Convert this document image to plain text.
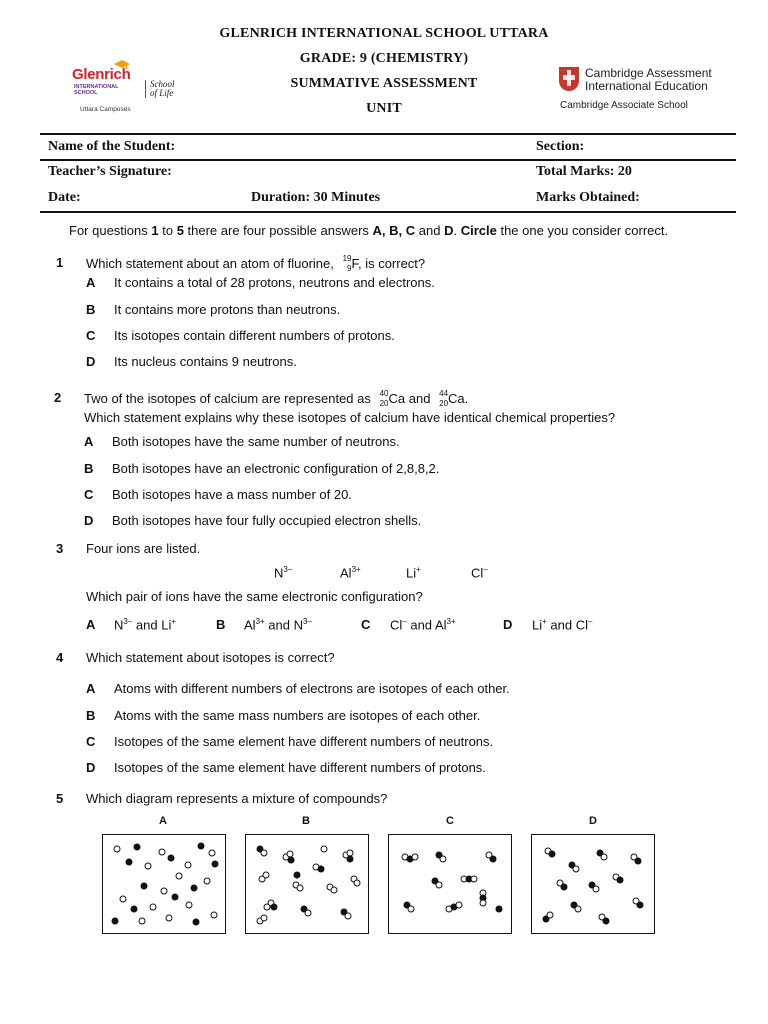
GLENRICH INTERNATIONAL SCHOOL UTTARA
GRADE: 9 (CHEMISTRY)
SUMMATIVE ASSESSMENT
UNIT
Glenrich
INTERNATIONAL
SCHOOL
School
of Life
Uttara Campuses
Cambridge Assessment
International Education
Cambridge Associate School
Name of the Student:	Section:
Teacher’s Signature:	Total Marks: 20
Date:	Duration: 30 Minutes	Marks Obtained:
For questions 1 to 5 there are four possible answers A, B, C and D. Circle the one you consider correct.
1 Which statement about an atom of fluorine, 19
9 F, is correct?
A It contains a total of 28 protons, neutrons and electrons.
B It contains more protons than neutrons.
C Its isotopes contain different numbers of protons.
D Its nucleus contains 9 neutrons.
2 Two of the isotopes of calcium are represented as 40
20 Ca and 44
20 Ca.
Which statement explains why these isotopes of calcium have identical chemical properties?
A Both isotopes have the same number of neutrons.
B Both isotopes have an electronic configuration of 2,8,8,2.
C Both isotopes have a mass number of 20.
D Both isotopes have four fully occupied electron shells.
3 Four ions are listed.
$N^{3-}$	$Al^{3+}$	Li+	Cl–
Which pair of ions have the same electronic configuration?
A $N^{3-}$ and Li+	B $Al^{3+}$ and $N^{3-}$	C Cl– and $Al^{3+}$	D Li+ and Cl–
4 Which statement about isotopes is correct?
A Atoms with different numbers of electrons are isotopes of each other.
B Atoms with the same mass numbers are isotopes of each other.
C Isotopes of the same element have different numbers of neutrons.
D Isotopes of the same element have different numbers of protons.
5 Which diagram represents a mixture of compounds?
A	B	C	D
